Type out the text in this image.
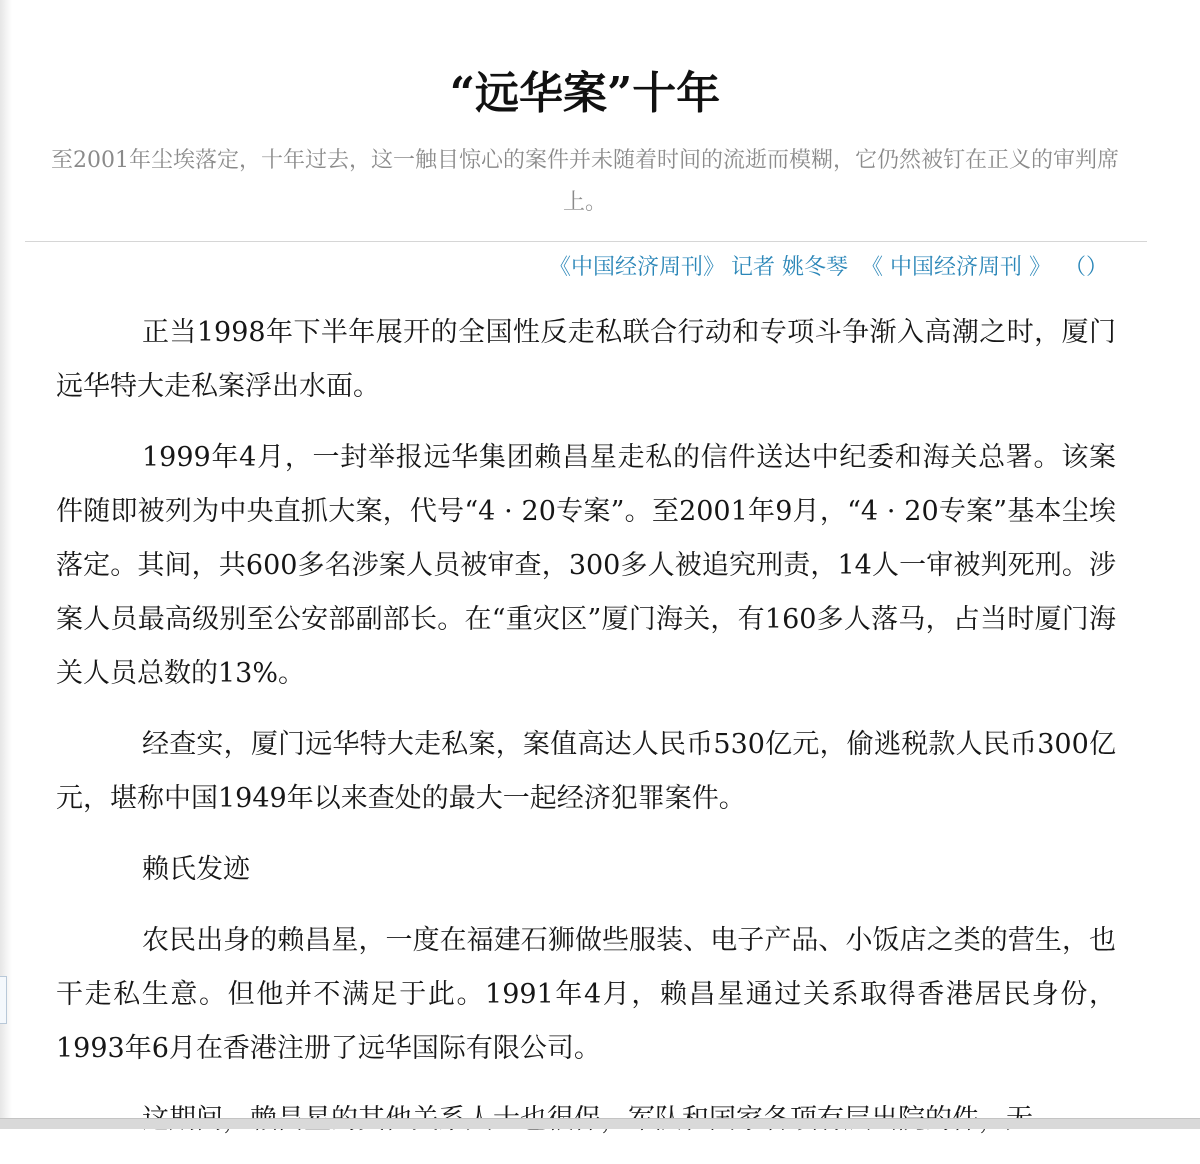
“远华案”十年

至2001年尘埃落定，十年过去，这一触目惊心的案件并未随着时间的流逝而模糊，它仍然被钉在正义的审判席上。

《中国经济周刊》 记者 姚冬琴 《 中国经济周刊 》 （）

正当1998年下半年展开的全国性反走私联合行动和专项斗争渐入高潮之时，厦门远华特大走私案浮出水面。

1999年4月，一封举报远华集团赖昌星走私的信件送达中纪委和海关总署。该案件随即被列为中央直抓大案，代号“4 · 20专案”。至2001年9月，“4 · 20专案”基本尘埃落定。其间，共600多名涉案人员被审查，300多人被追究刑责，14人一审被判死刑。涉案人员最高级别至公安部副部长。在“重灾区”厦门海关，有160多人落马，占当时厦门海关人员总数的13%。

经查实，厦门远华特大走私案，案值高达人民币530亿元，偷逃税款人民币300亿元，堪称中国1949年以来查处的最大一起经济犯罪案件。

赖氏发迹

农民出身的赖昌星，一度在福建石狮做些服装、电子产品、小饭店之类的营生，也干走私生意。但他并不满足于此。1991年4月，赖昌星通过关系取得香港居民身份，1993年6月在香港注册了远华国际有限公司。
